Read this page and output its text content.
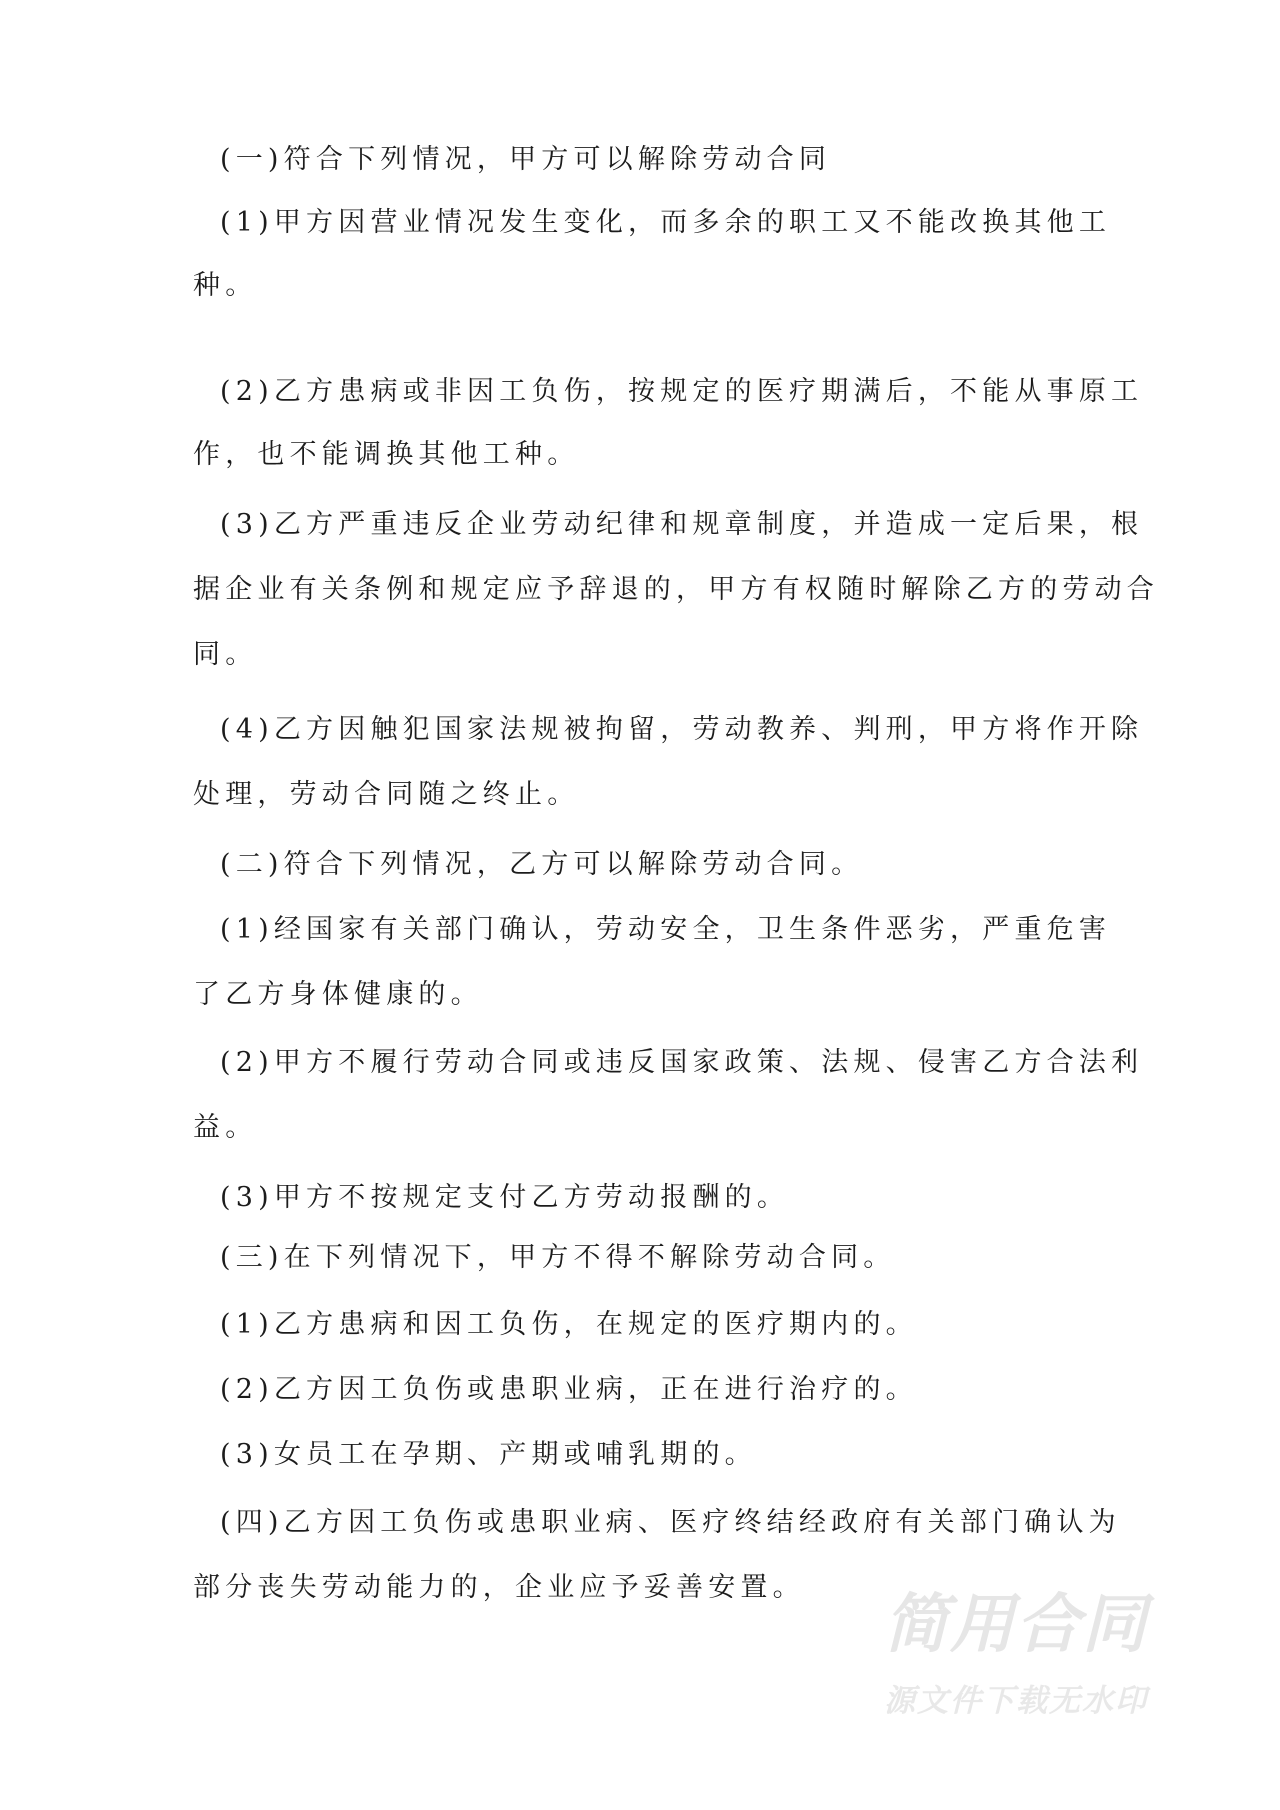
(一)符合下列情况，甲方可以解除劳动合同
(1)甲方因营业情况发生变化，而多余的职工又不能改换其他工
种。
(2)乙方患病或非因工负伤，按规定的医疗期满后，不能从事原工
作，也不能调换其他工种。
(3)乙方严重违反企业劳动纪律和规章制度，并造成一定后果，根
据企业有关条例和规定应予辞退的，甲方有权随时解除乙方的劳动合
同。
(4)乙方因触犯国家法规被拘留，劳动教养、判刑，甲方将作开除
处理，劳动合同随之终止。
(二)符合下列情况，乙方可以解除劳动合同。
(1)经国家有关部门确认，劳动安全，卫生条件恶劣，严重危害
了乙方身体健康的。
(2)甲方不履行劳动合同或违反国家政策、法规、侵害乙方合法利
益。
(3)甲方不按规定支付乙方劳动报酬的。
(三)在下列情况下，甲方不得不解除劳动合同。
(1)乙方患病和因工负伤，在规定的医疗期内的。
(2)乙方因工负伤或患职业病，正在进行治疗的。
(3)女员工在孕期、产期或哺乳期的。
(四)乙方因工负伤或患职业病、医疗终结经政府有关部门确认为
部分丧失劳动能力的，企业应予妥善安置。
简用合同
源文件下载无水印
